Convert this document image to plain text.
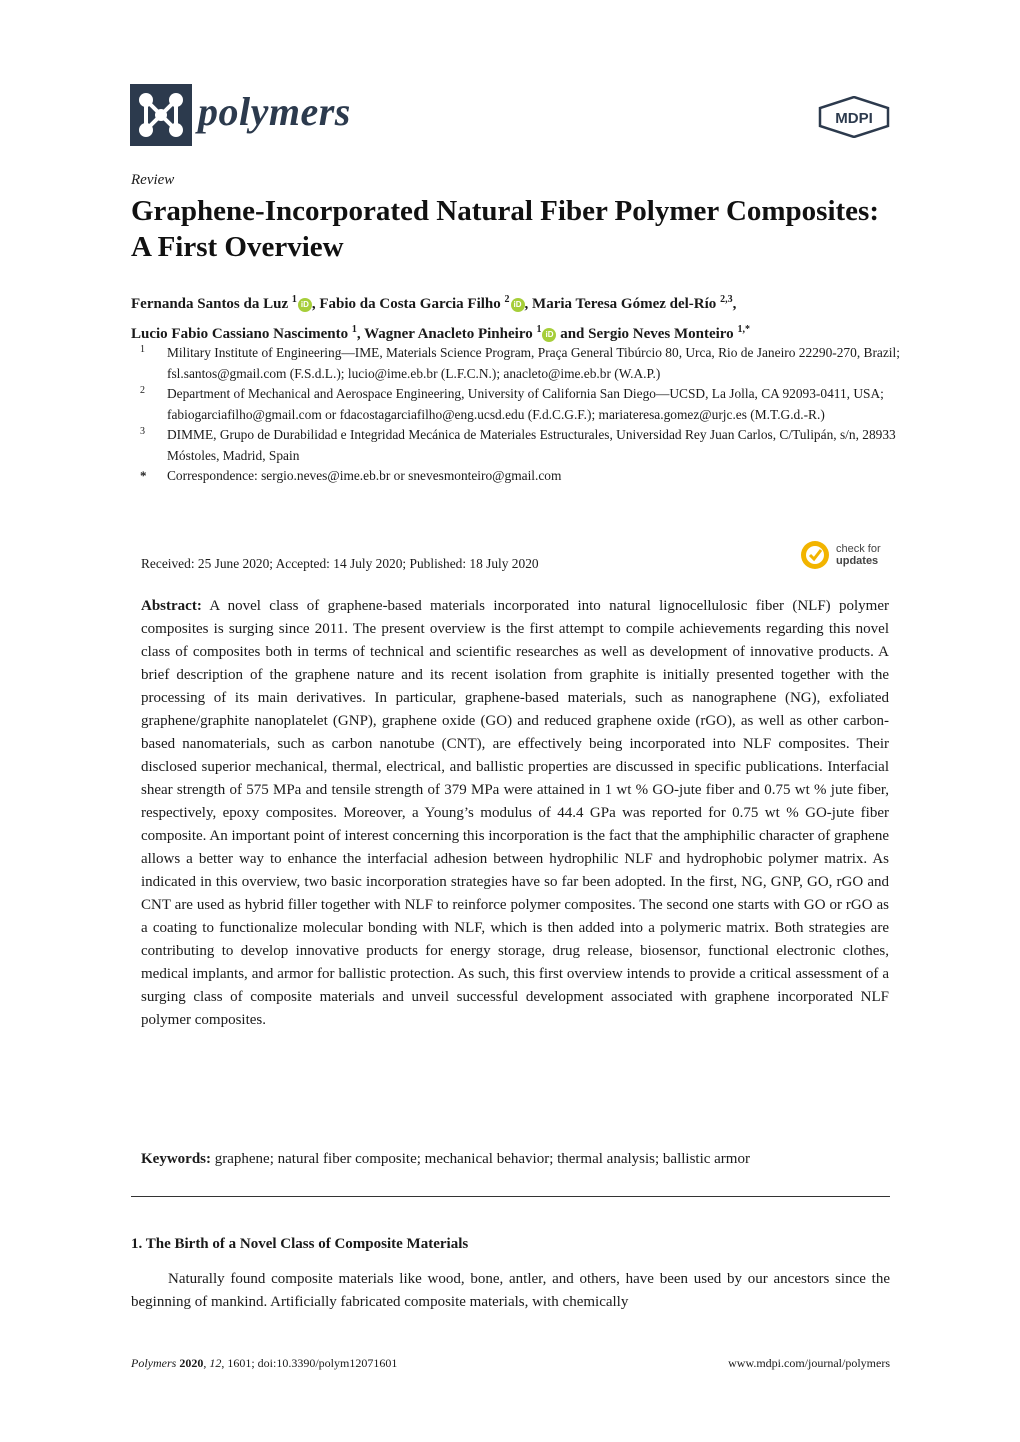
polymers	MDPI
Review
Graphene-Incorporated Natural Fiber Polymer Composites: A First Overview
Fernanda Santos da Luz $^1$ iD , Fabio da Costa Garcia Filho $^2$ iD , Maria Teresa Gómez del-Río $^{2,3}$,
Lucio Fabio Cassiano Nascimento $^1$, Wagner Anacleto Pinheiro $^1$ iD and Sergio Neves Monteiro $^{1,*}$
1 Military Institute of Engineering—IME, Materials Science Program, Praça General Tibúrcio 80, Urca, Rio de Janeiro 22290-270, Brazil; fsl.santos@gmail.com (F.S.d.L.); lucio@ime.eb.br (L.F.C.N.); anacleto@ime.eb.br (W.A.P.)
2 Department of Mechanical and Aerospace Engineering, University of California San Diego—UCSD, La Jolla, CA 92093-0411, USA; fabiogarciafilho@gmail.com or fdacostagarciafilho@eng.ucsd.edu (F.d.C.G.F.); mariateresa.gomez@urjc.es (M.T.G.d.-R.)
3 DIMME, Grupo de Durabilidad e Integridad Mecánica de Materiales Estructurales, Universidad Rey Juan Carlos, C/Tulipán, s/n, 28933 Móstoles, Madrid, Spain
* Correspondence: sergio.neves@ime.eb.br or snevesmonteiro@gmail.com
Received: 25 June 2020; Accepted: 14 July 2020; Published: 18 July 2020
check for
updates

Abstract: A novel class of graphene-based materials incorporated into natural lignocellulosic fiber (NLF) polymer composites is surging since 2011. The present overview is the first attempt to compile achievements regarding this novel class of composites both in terms of technical and scientific researches as well as development of innovative products. A brief description of the graphene nature and its recent isolation from graphite is initially presented together with the processing of its main derivatives. In particular, graphene-based materials, such as nanographene (NG), exfoliated graphene/graphite nanoplatelet (GNP), graphene oxide (GO) and reduced graphene oxide (rGO), as well as other carbon-based nanomaterials, such as carbon nanotube (CNT), are effectively being incorporated into NLF composites. Their disclosed superior mechanical, thermal, electrical, and ballistic properties are discussed in specific publications. Interfacial shear strength of 575 MPa and tensile strength of 379 MPa were attained in 1 wt % GO-jute fiber and 0.75 wt % jute fiber, respectively, epoxy composites. Moreover, a Young’s modulus of 44.4 GPa was reported for 0.75 wt % GO-jute fiber composite. An important point of interest concerning this incorporation is the fact that the amphiphilic character of graphene allows a better way to enhance the interfacial adhesion between hydrophilic NLF and hydrophobic polymer matrix. As indicated in this overview, two basic incorporation strategies have so far been adopted. In the first, NG, GNP, GO, rGO and CNT are used as hybrid filler together with NLF to reinforce polymer composites. The second one starts with GO or rGO as a coating to functionalize molecular bonding with NLF, which is then added into a polymeric matrix. Both strategies are contributing to develop innovative products for energy storage, drug release, biosensor, functional electronic clothes, medical implants, and armor for ballistic protection. As such, this first overview intends to provide a critical assessment of a surging class of composite materials and unveil successful development associated with graphene incorporated NLF polymer composites.

Keywords: graphene; natural fiber composite; mechanical behavior; thermal analysis; ballistic armor

1. The Birth of a Novel Class of Composite Materials

Naturally found composite materials like wood, bone, antler, and others, have been used by our ancestors since the beginning of mankind. Artificially fabricated composite materials, with chemically

Polymers 2020, 12, 1601; doi:10.3390/polym12071601	www.mdpi.com/journal/polymers
